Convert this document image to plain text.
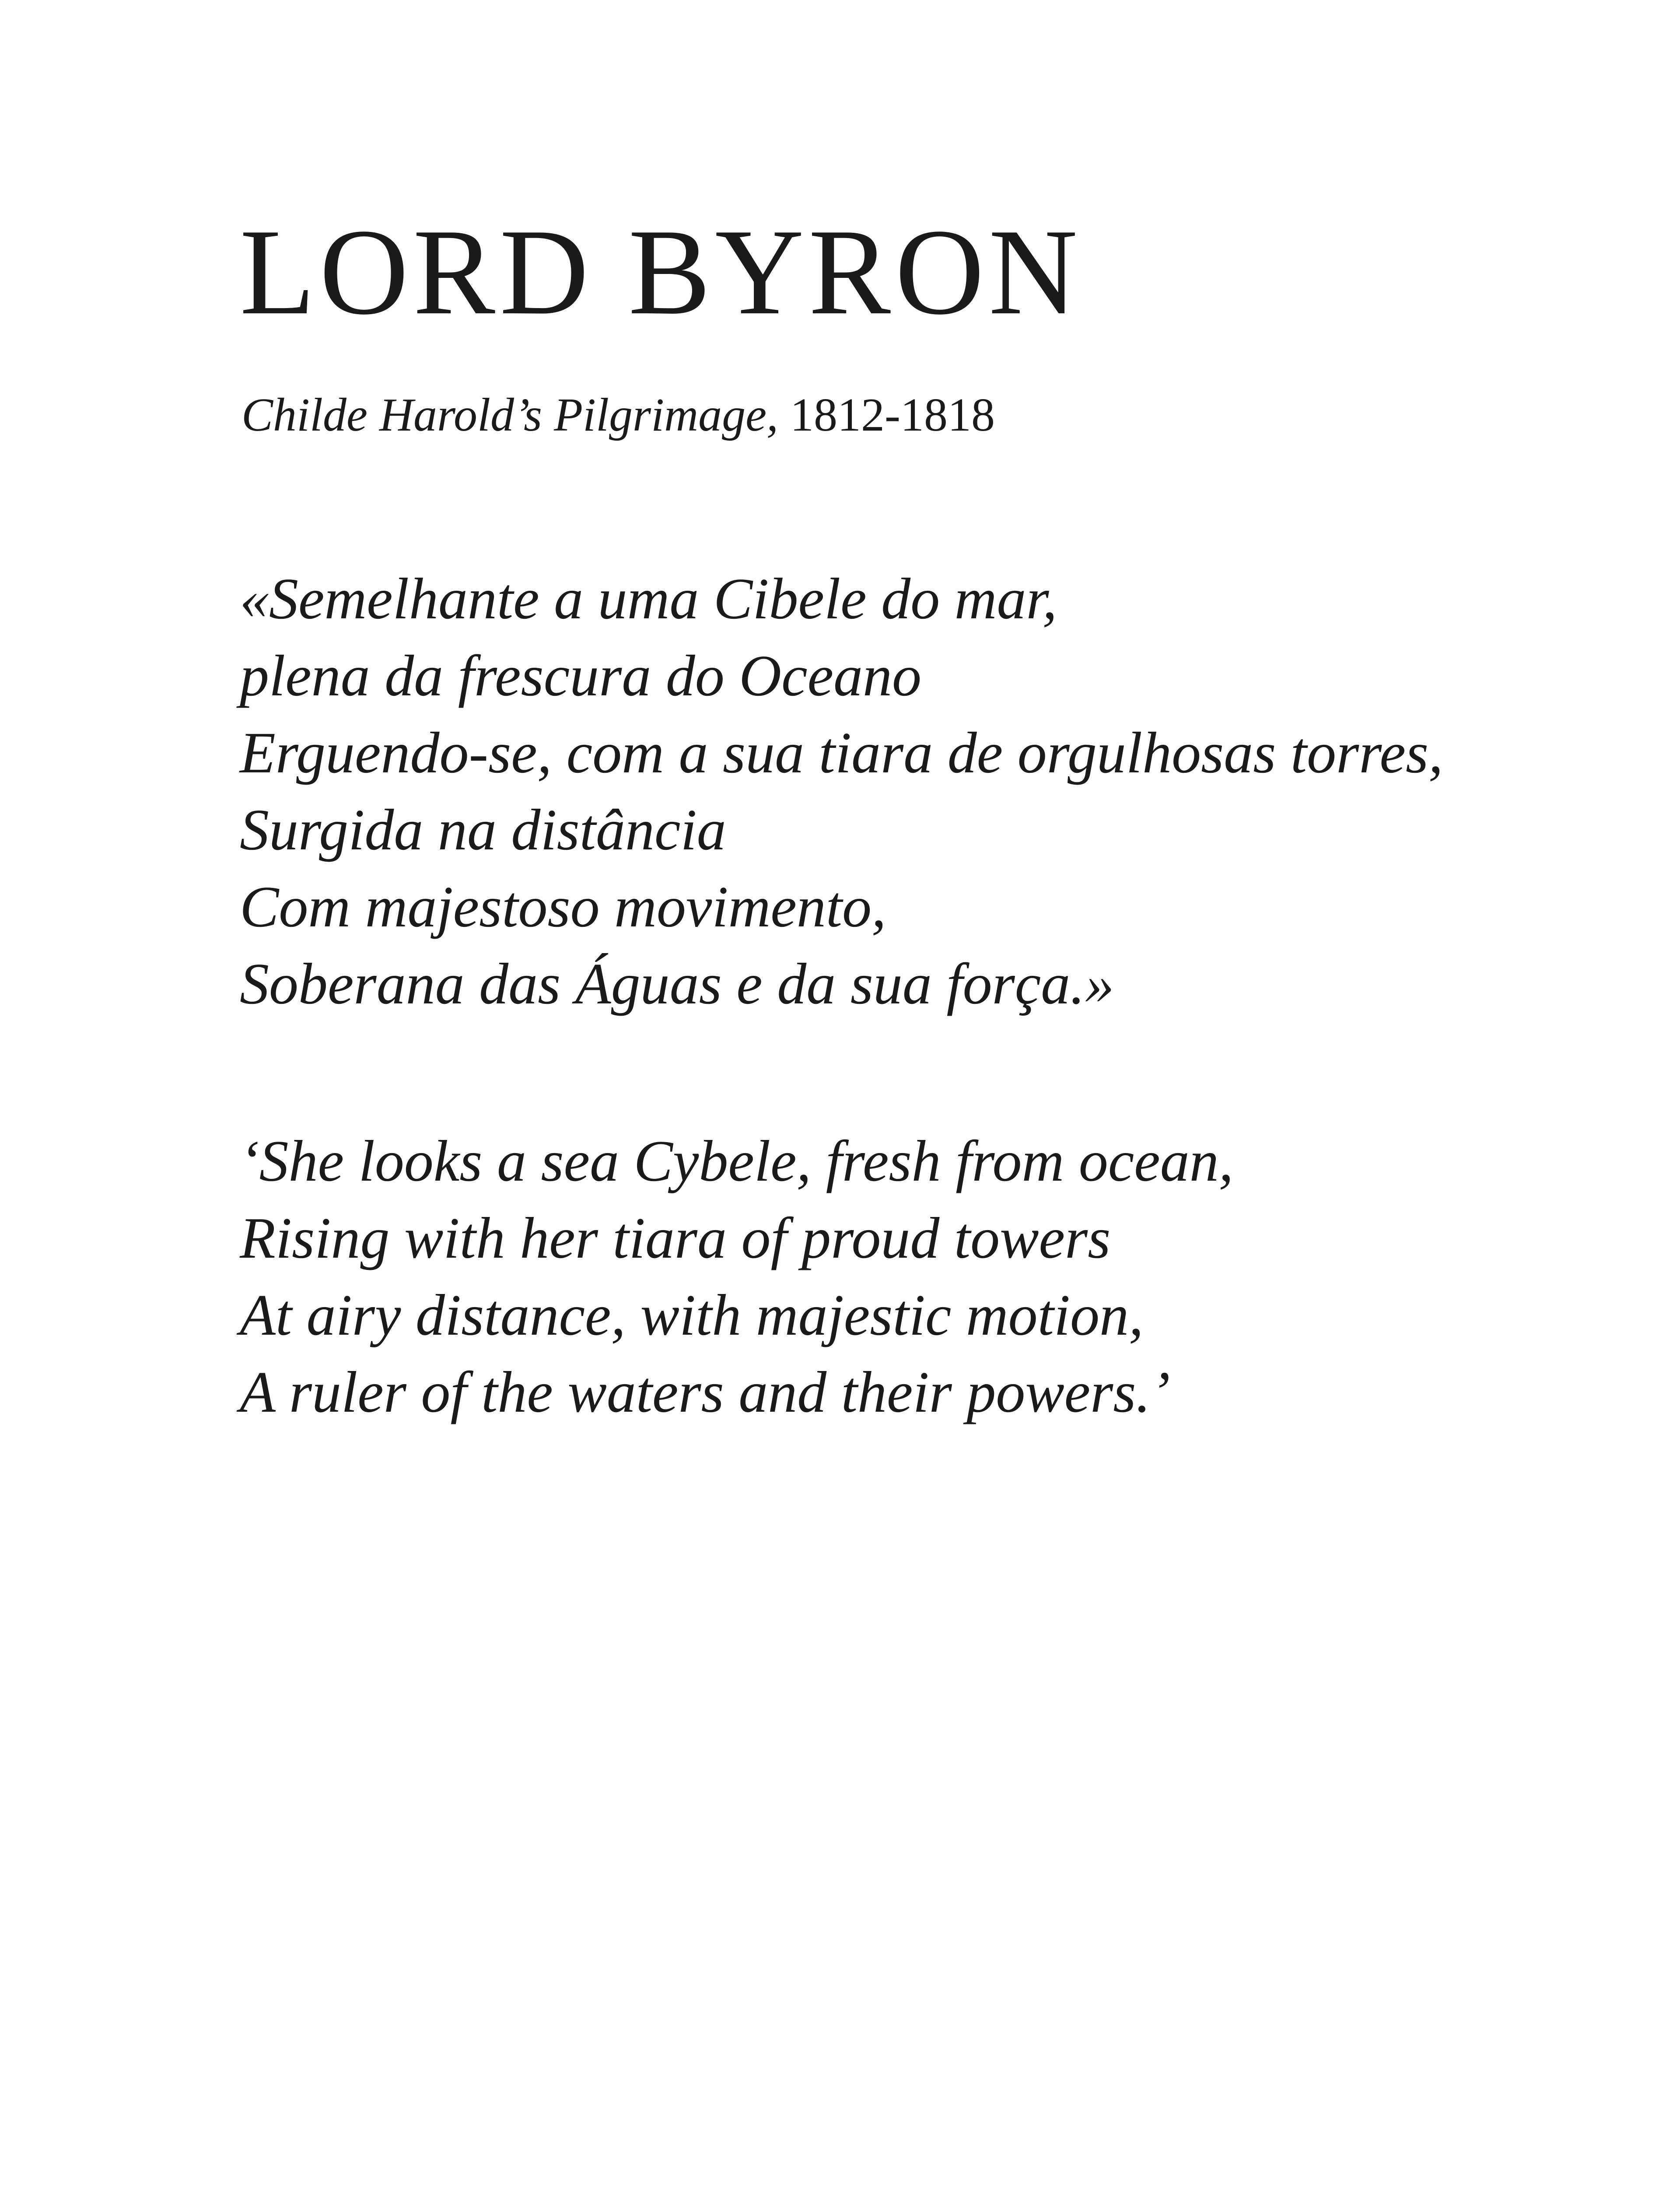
LORD BYRON

Childe Harold’s Pilgrimage, 1812-1818

«Semelhante a uma Cibele do mar,
plena da frescura do Oceano
Erguendo-se, com a sua tiara de orgulhosas torres,
Surgida na distância
Com majestoso movimento,
Soberana das Águas e da sua força.»
‘She looks a sea Cybele, fresh from ocean,
Rising with her tiara of proud towers
At airy distance, with majestic motion,
A ruler of the waters and their powers.’
